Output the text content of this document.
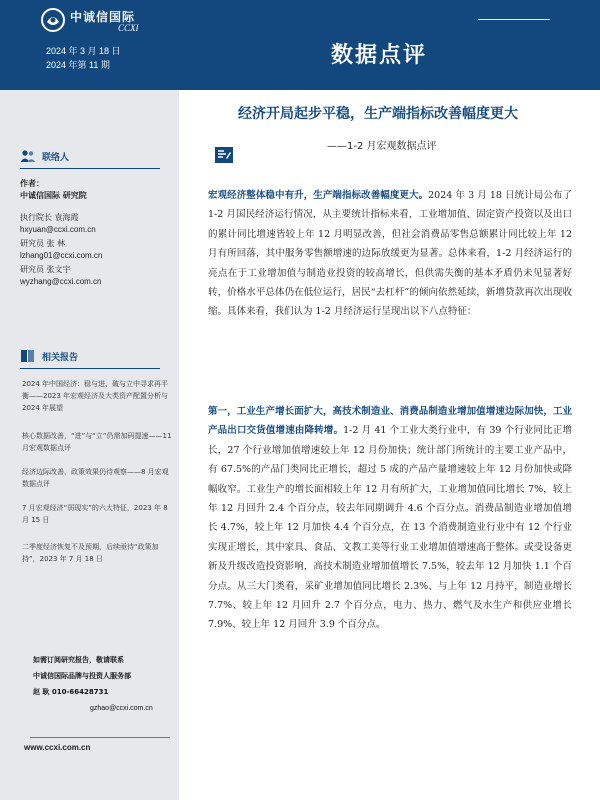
中诚信国际
CCXI
2024 年 3 月 18 日
2024 年第 11 期	数据点评
联络人
作者：
中诚信国际 研究院
执行院长 袁海霞
hxyuan@ccxi.com.cn
研究员 张 林
lzhang01@ccxi.com.cn
研究员 张文宇
wyzhang@ccxi.com.cn
相关报告
2024 年中国经济：稳与进、破与立中寻求再平衡——2023 年宏观经济及大类资产配置分析与 2024 年展望
核心数据改善，“进”与“立”仍需加码提速——11 月宏观数据点评
经济边际改善，政策效果仍待观察——8 月宏观数据点评
7 月宏观经济“弱现实”的六大特征，2023 年 8 月 15 日
二季度经济恢复不及预期，后续亟待“政策加持”，2023 年 7 月 18 日
如需订阅研究报告，敬请联系
中诚信国际品牌与投资人服务部
赵 耿 010-66428731
gzhao@ccxi.com.cn
www.ccxi.com.cn
经济开局起步平稳，生产端指标改善幅度更大
——1-2 月宏观数据点评
宏观经济整体稳中有升，生产端指标改善幅度更大。2024 年 3 月 18 日统计局公布了 1-2 月国民经济运行情况，从主要统计指标来看，工业增加值、固定资产投资以及出口的累计同比增速皆较上年 12 月明显改善，但社会消费品零售总额累计同比较上年 12 月有所回落，其中服务零售额增速的边际放缓更为显著。总体来看，1-2 月经济运行的亮点在于工业增加值与制造业投资的较高增长，但供需失衡的基本矛盾仍未见显著好转，价格水平总体仍在低位运行，居民“去杠杆”的倾向依然延续，新增贷款再次出现收缩。具体来看，我们认为 1-2 月经济运行呈现出以下八点特征：
第一，工业生产增长面扩大，高技术制造业、消费品制造业增加值增速边际加快，工业产品出口交货值增速由降转增。1-2 月 41 个工业大类行业中，有 39 个行业同比正增长，27 个行业增加值增速较上年 12 月份加快；统计部门所统计的主要工业产品中，有 67.5%的产品门类同比正增长，超过 5 成的产品产量增速较上年 12 月份加快或降幅收窄。工业生产的增长面相较上年 12 月有所扩大，工业增加值同比增长 7%，较上年 12 月回升 2.4 个百分点，较去年同期调升 4.6 个百分点。消费品制造业增加值增长 4.7%，较上年 12 月加快 4.4 个百分点，在 13 个消费制造业行业中有 12 个行业实现正增长，其中家具、食品、文教工美等行业工业增加值增速高于整体。或受设备更新及升级改造投资影响，高技术制造业增加值增长 7.5%，较去年 12 月加快 1.1 个百分点。从三大门类看，采矿业增加值同比增长 2.3%、与上年 12 月持平，制造业增长 7.7%、较上年 12 月回升 2.7 个百分点，电力、热力、燃气及水生产和供应业增长 7.9%、较上年 12 月回升 3.9 个百分点。
